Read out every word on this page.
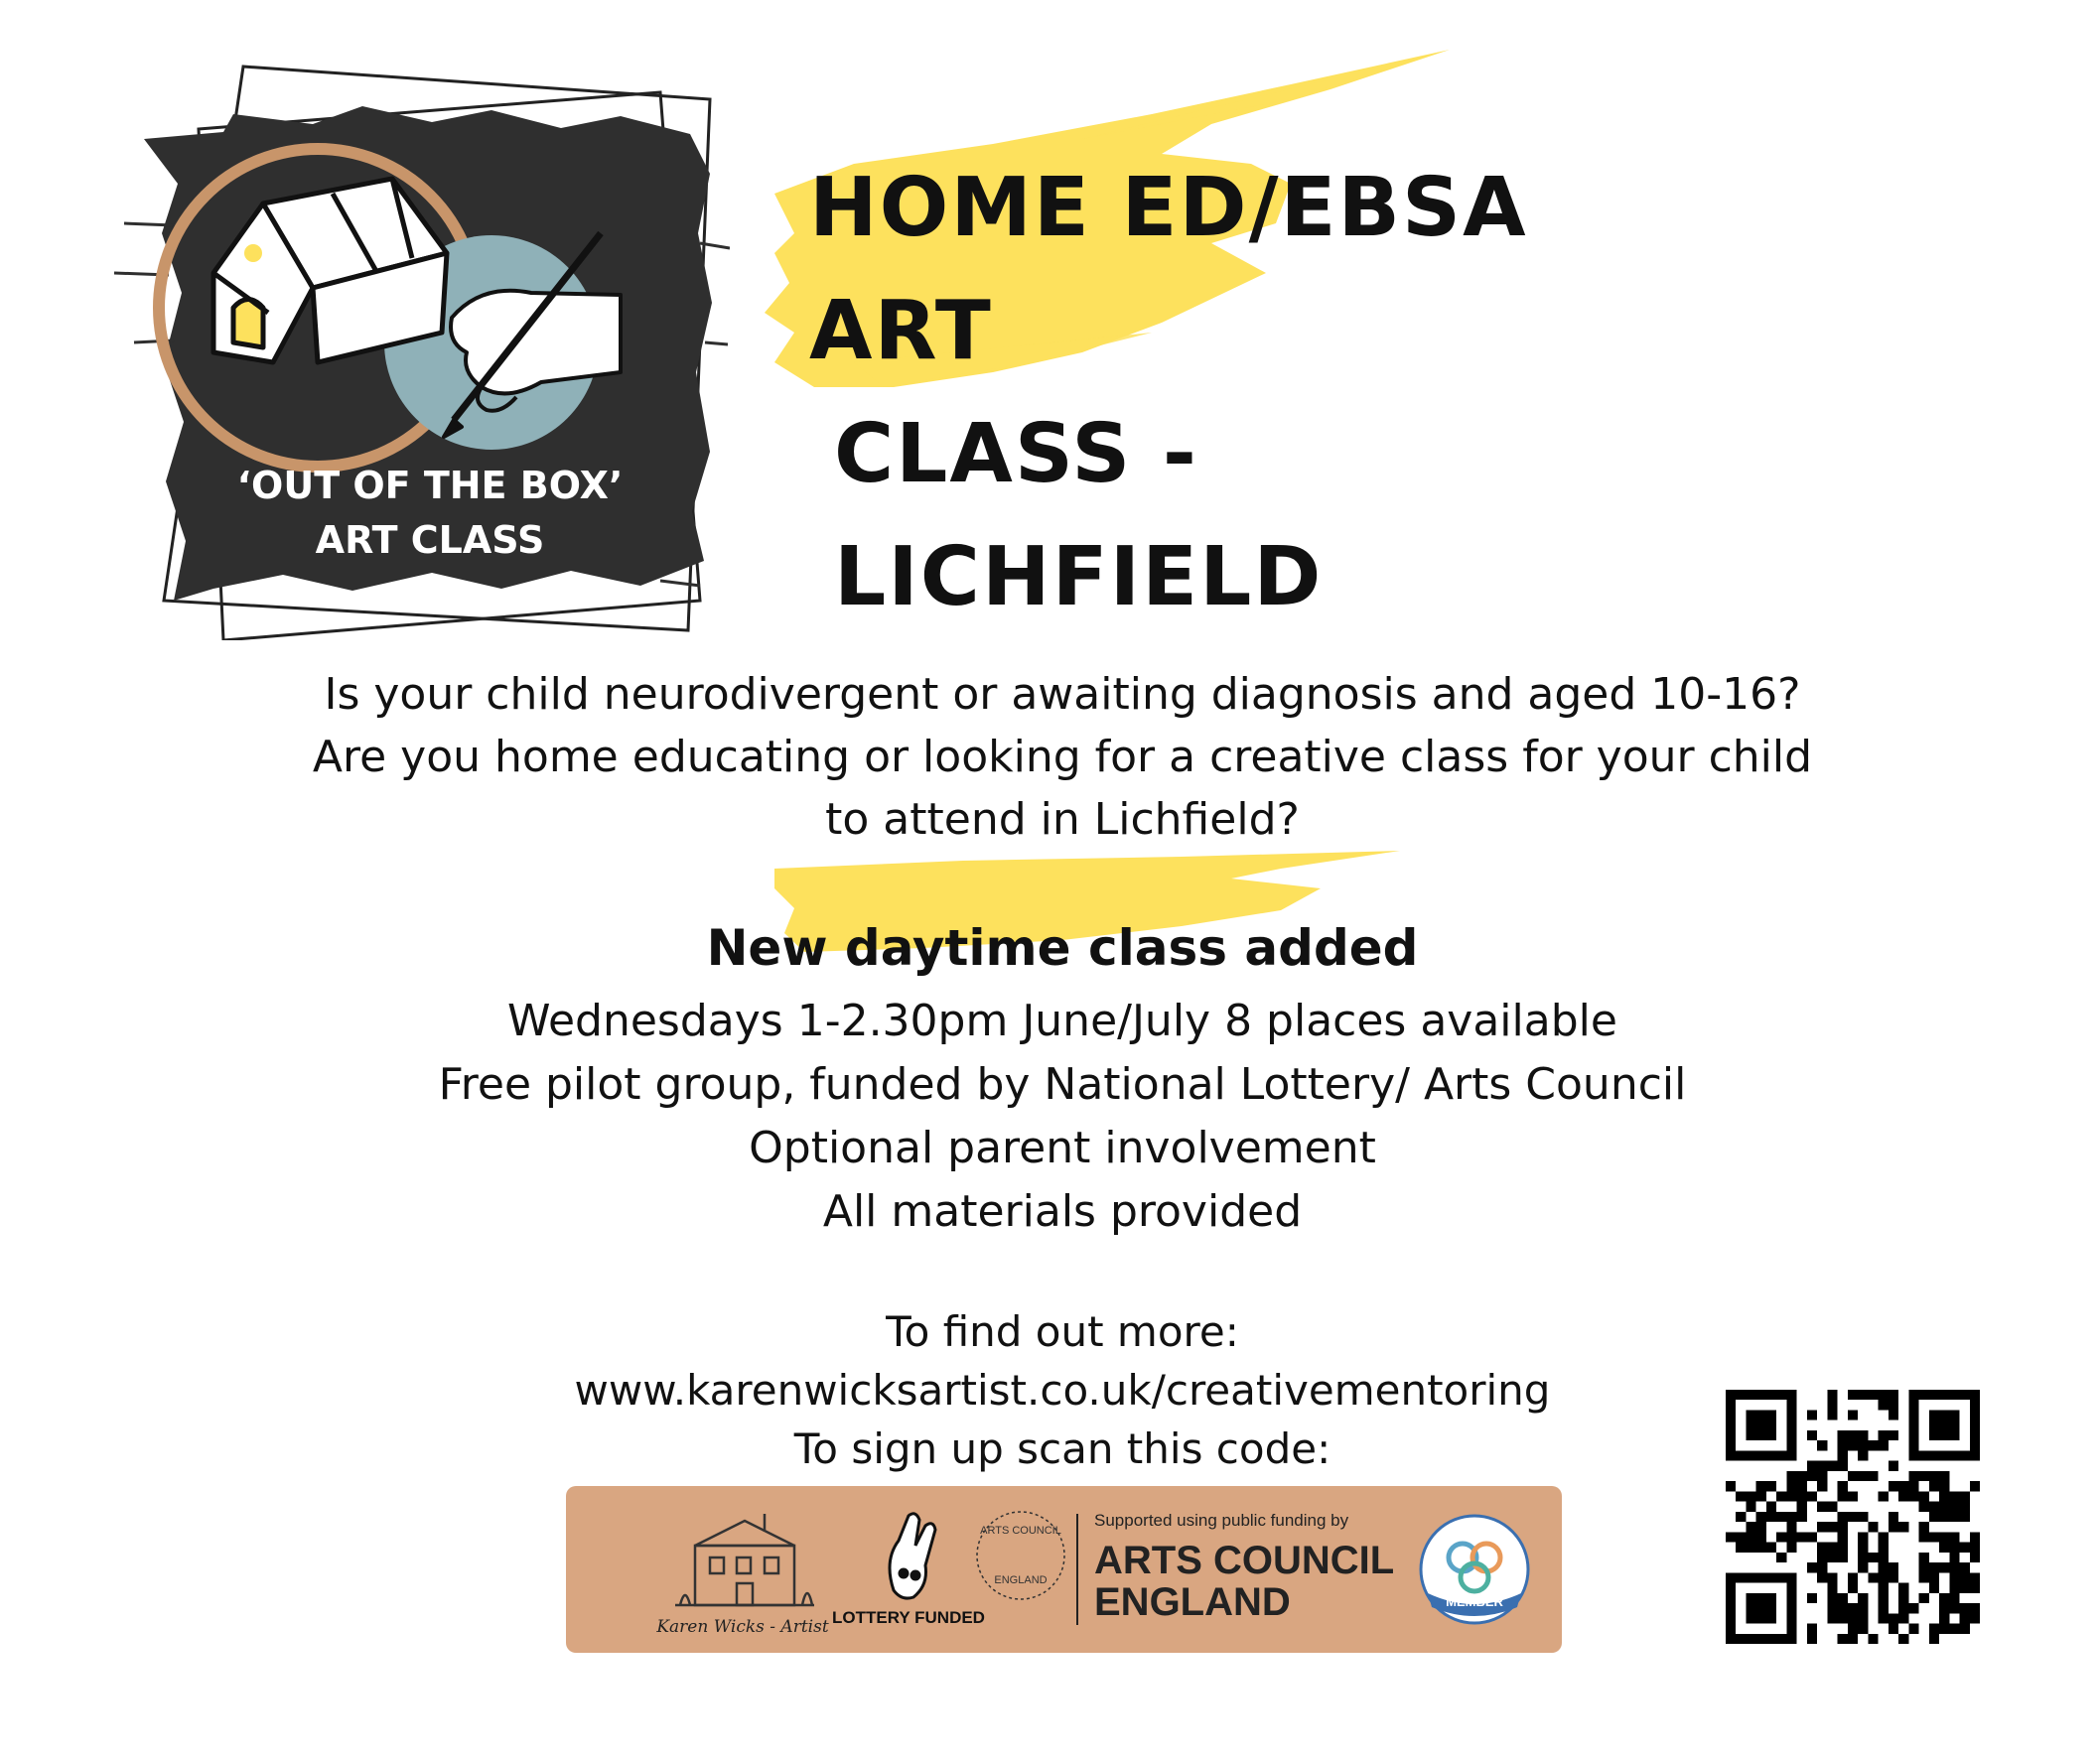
‘OUT OF THE BOX’
ART CLASS
HOME ED/EBSA ART
CLASS - LICHFIELD
Is your child neurodivergent or awaiting diagnosis and aged 10-16?
Are you home educating or looking for a creative class for your child
to attend in Lichfield?
New daytime class added
Wednesdays 1-2.30pm June/July 8 places available
Free pilot group, funded by National Lottery/ Arts Council
Optional parent involvement
All materials provided
To find out more:
www.karenwicksartist.co.uk/creativementoring
To sign up scan this code:
Karen Wicks - Artist LOTTERY FUNDED
ARTS COUNCIL
ENGLAND
Supported using public funding by
ARTS COUNCIL
ENGLAND	MEMBER
